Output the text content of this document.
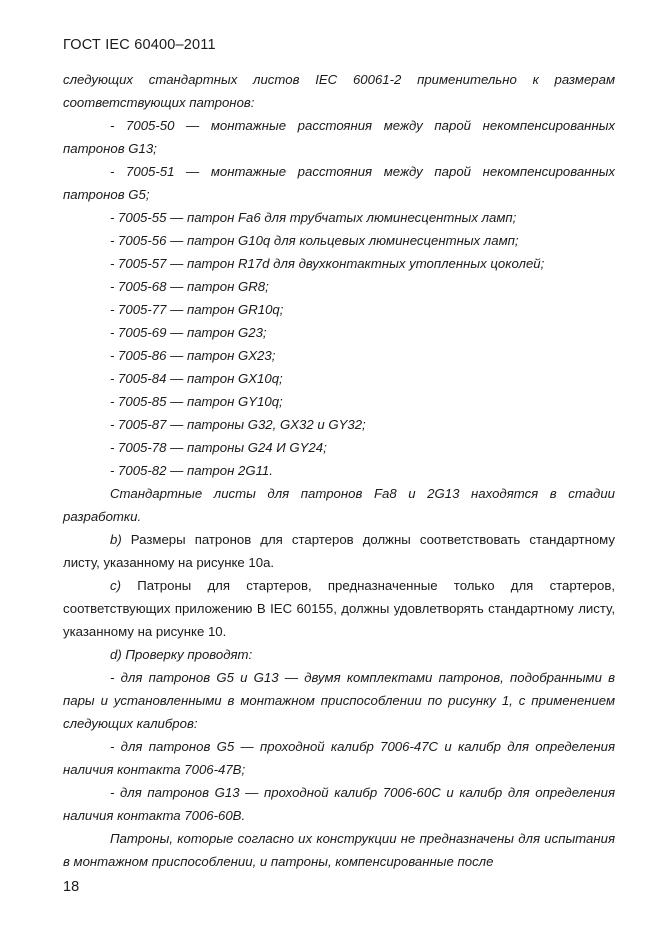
ГОСТ IEC 60400–2011
следующих стандартных листов IEC 60061-2 применительно к размерам соответствующих патронов:
- 7005-50 — монтажные расстояния между парой некомпенсированных патронов G13;
- 7005-51 — монтажные расстояния между парой некомпенсированных патронов G5;
- 7005-55 — патрон Fa6 для трубчатых люминесцентных ламп;
- 7005-56 — патрон G10q для кольцевых люминесцентных ламп;
- 7005-57 — патрон R17d для двухконтактных утопленных цоколей;
- 7005-68 — патрон GR8;
- 7005-77 — патрон GR10q;
- 7005-69 — патрон G23;
- 7005-86 — патрон GX23;
- 7005-84 — патрон GX10q;
- 7005-85 — патрон GY10q;
- 7005-87 — патроны G32, GX32 и GY32;
- 7005-78 — патроны G24 И GY24;
- 7005-82 — патрон 2G11.
Стандартные листы для патронов Fa8 и 2G13 находятся в стадии разработки.
b) Размеры патронов для стартеров должны соответствовать стандартному листу, указанному на рисунке 10а.
c) Патроны для стартеров, предназначенные только для стартеров, соответствующих приложению В IEC 60155, должны удовлетворять стандартному листу, указанному на рисунке 10.
d) Проверку проводят:
- для патронов G5 и G13 — двумя комплектами патронов, подобранными в пары и установленными в монтажном приспособлении по рисунку 1, с применением следующих калибров:
- для патронов G5 — проходной калибр 7006-47С и калибр для определения наличия контакта 7006-47В;
- для патронов G13 — проходной калибр 7006-60С и калибр для определения наличия контакта 7006-60В.
Патроны, которые согласно их конструкции не предназначены для испытания в монтажном приспособлении, и патроны, компенсированные после
18
